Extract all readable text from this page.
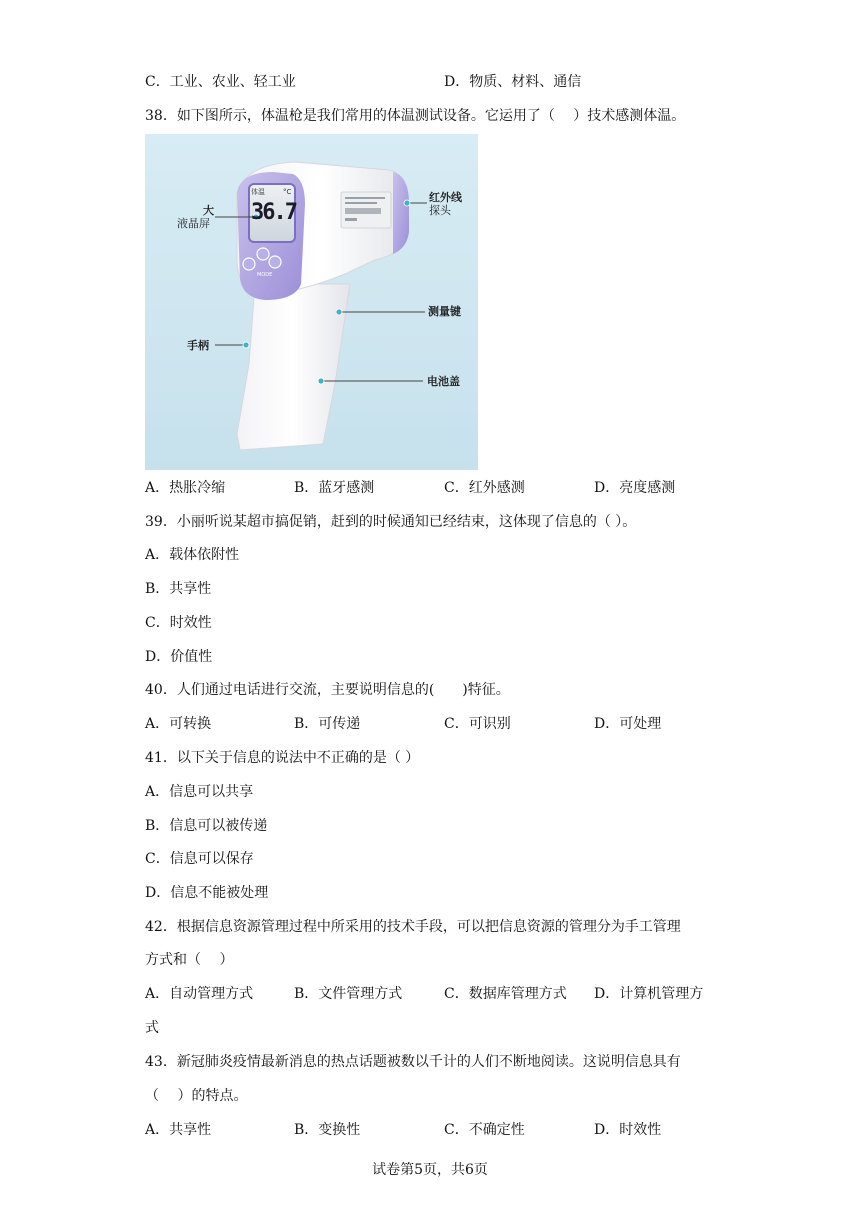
C．工业、农业、轻工业	D．物质、材料、通信
38．如下图所示，体温枪是我们常用的体温测试设备。它运用了（　 ）技术感测体温。
体温	°C
36.7
MODE
大
液晶屏
红外线
探头
测量键
手柄
电池盖
A．热胀冷缩	B．蓝牙感测	C．红外感测	D．亮度感测
39．小丽听说某超市搞促销，赶到的时候通知已经结束，这体现了信息的（ ）。
A．载体依附性
B．共享性
C．时效性
D．价值性
40．人们通过电话进行交流，主要说明信息的(　　)特征。
A．可转换	B．可传递	C．可识别	D．可处理
41．以下关于信息的说法中不正确的是（ ）
A．信息可以共享
B．信息可以被传递
C．信息可以保存
D．信息不能被处理
42．根据信息资源管理过程中所采用的技术手段，可以把信息资源的管理分为手工管理
方式和（　 ）
A．自动管理方式	B．文件管理方式	C．数据库管理方式 D．计算机管理方
式
43．新冠肺炎疫情最新消息的热点话题被数以千计的人们不断地阅读。这说明信息具有
（　 ）的特点。
A．共享性	B．变换性	C．不确定性	D．时效性
试卷第5页，共6页
